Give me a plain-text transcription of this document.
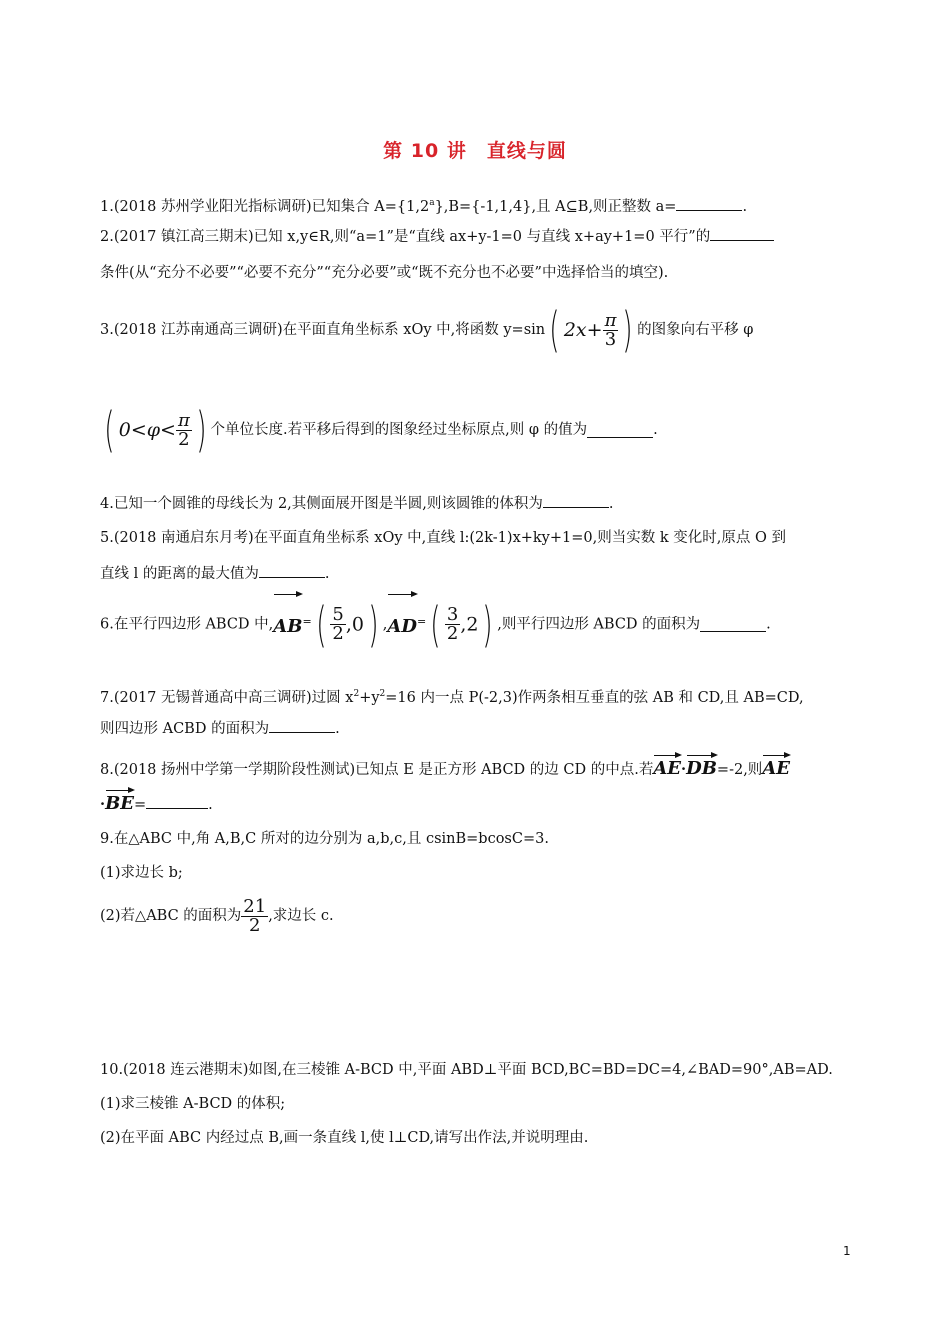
第 10 讲　直线与圆
1.(2018 苏州学业阳光指标调研)已知集合 A={1,2$^a$},B={-1,1,4},且 A⊆B,则正整数 a=	.
2.(2017 镇江高三期末)已知 x,y∈R,则“a=1”是“直线 ax+y-1=0 与直线 x+ay+1=0 平行”的
条件(从“充分不必要”“必要不充分”“充分必要”或“既不充分也不必要”中选择恰当的填空).
3.(2018 江苏南通高三调研)在平面直角坐标系 xOy 中,将函数 y=sin( $2x+ \frac{\pi}{3}$ ) 的图象向右平移 φ
( $0<\varphi< \frac{\pi}{2}$ ) 个单位长度.若平移后得到的图象经过坐标原点,则 φ 的值为	.
4.已知一个圆锥的母线长为 2,其侧面展开图是半圆,则该圆锥的体积为	.
5.(2018 南通启东月考)在平面直角坐标系 xOy 中,直线 l:(2k-1)x+ky+1=0,则当实数 k 变化时,原点 O 到
直线 l 的距离的最大值为	.
6.在平行四边形 ABCD 中$,AB^=( \frac{5}{2} ,0)$ $,AD^=( \frac{3}{2} ,2)$ ,则平行四边形 ABCD 的面积为	.
7.(2017 无锡普通高中高三调研)过圆 $x^2+y^2=16$ 内一点 P(-2,3)作两条相互垂直的弦 AB 和 CD,且 AB=CD,
则四边形 ACBD 的面积为	.
8.(2018 扬州中学第一学期阶段性测试)已知点 E 是正方形 ABCD 的边 CD 的中点.若AE·DB=-2,则AE
·BE=	.
9.在△ABC 中,角 A,B,C 所对的边分别为 a,b,c,且 csinB=bcosC=3.
(1)求边长 b;
(2)若△ABC 的面积为 $\frac{21}{2}$ ,求边长 c.
10.(2018 连云港期末)如图,在三棱锥 A-BCD 中,平面 ABD⊥平面 BCD,BC=BD=DC=4,∠BAD=90°,AB=AD.
(1)求三棱锥 A-BCD 的体积;
(2)在平面 ABC 内经过点 B,画一条直线 l,使 l⊥CD,请写出作法,并说明理由.
1
